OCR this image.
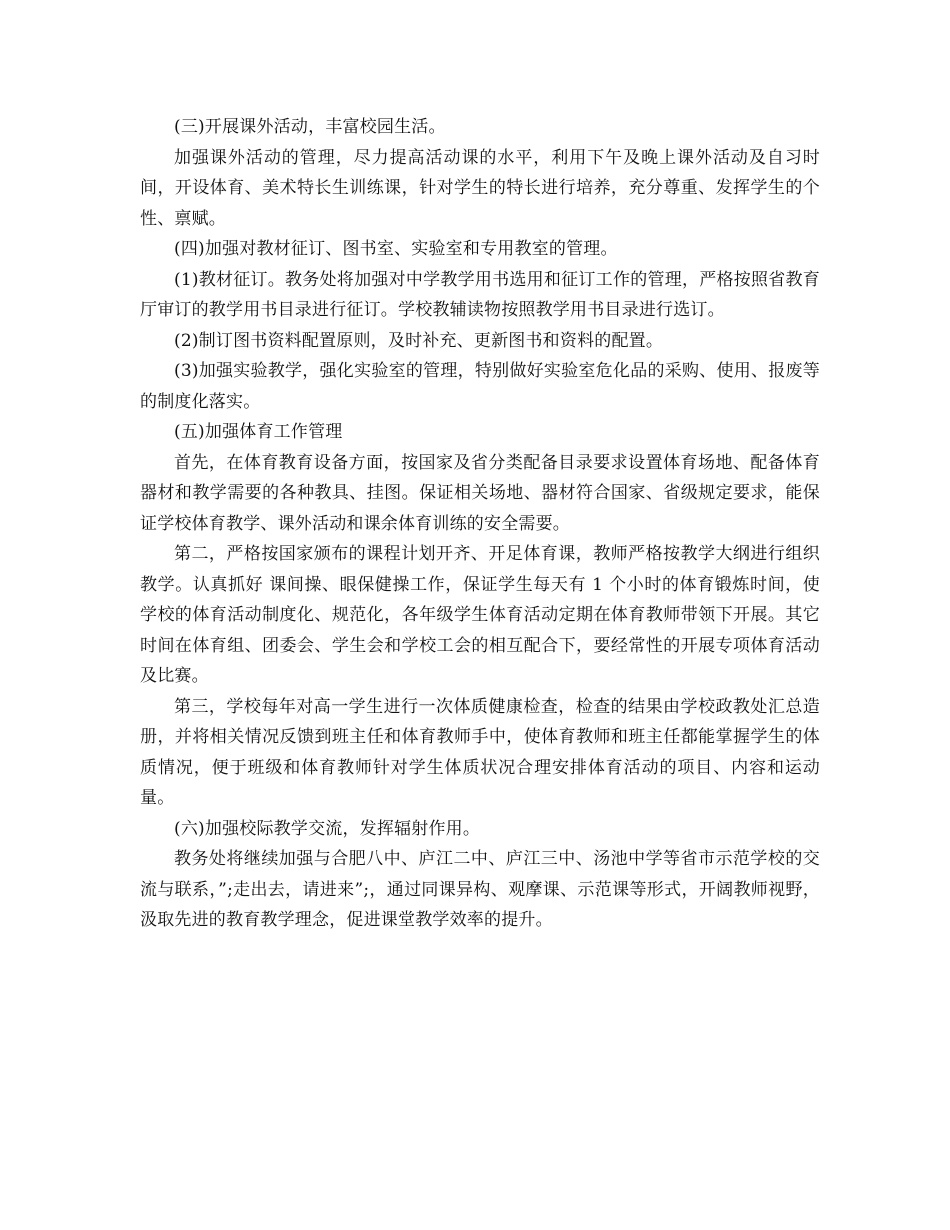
(三)开展课外活动，丰富校园生活。

加强课外活动的管理，尽力提高活动课的水平，利用下午及晚上课外活动及自习时间，开设体育、美术特长生训练课，针对学生的特长进行培养，充分尊重、发挥学生的个性、禀赋。

(四)加强对教材征订、图书室、实验室和专用教室的管理。

(1)教材征订。教务处将加强对中学教学用书选用和征订工作的管理，严格按照省教育厅审订的教学用书目录进行征订。学校教辅读物按照教学用书目录进行选订。

(2)制订图书资料配置原则，及时补充、更新图书和资料的配置。

(3)加强实验教学，强化实验室的管理，特别做好实验室危化品的采购、使用、报废等的制度化落实。

(五)加强体育工作管理

首先，在体育教育设备方面，按国家及省分类配备目录要求设置体育场地、配备体育器材和教学需要的各种教具、挂图。保证相关场地、器材符合国家、省级规定要求，能保证学校体育教学、课外活动和课余体育训练的安全需要。

第二，严格按国家颁布的课程计划开齐、开足体育课，教师严格按教学大纲进行组织教学。认真抓好 课间操、眼保健操工作，保证学生每天有 1 个小时的体育锻炼时间，使学校的体育活动制度化、规范化，各年级学生体育活动定期在体育教师带领下开展。其它时间在体育组、团委会、学生会和学校工会的相互配合下，要经常性的开展专项体育活动及比赛。

第三，学校每年对高一学生进行一次体质健康检查，检查的结果由学校政教处汇总造册，并将相关情况反馈到班主任和体育教师手中，使体育教师和班主任都能掌握学生的体质情况，便于班级和体育教师针对学生体质状况合理安排体育活动的项目、内容和运动量。

(六)加强校际教学交流，发挥辐射作用。

教务处将继续加强与合肥八中、庐江二中、庐江三中、汤池中学等省市示范学校的交流与联系，”;走出去，请进来”;，通过同课异构、观摩课、示范课等形式，开阔教师视野，汲取先进的教育教学理念，促进课堂教学效率的提升。
